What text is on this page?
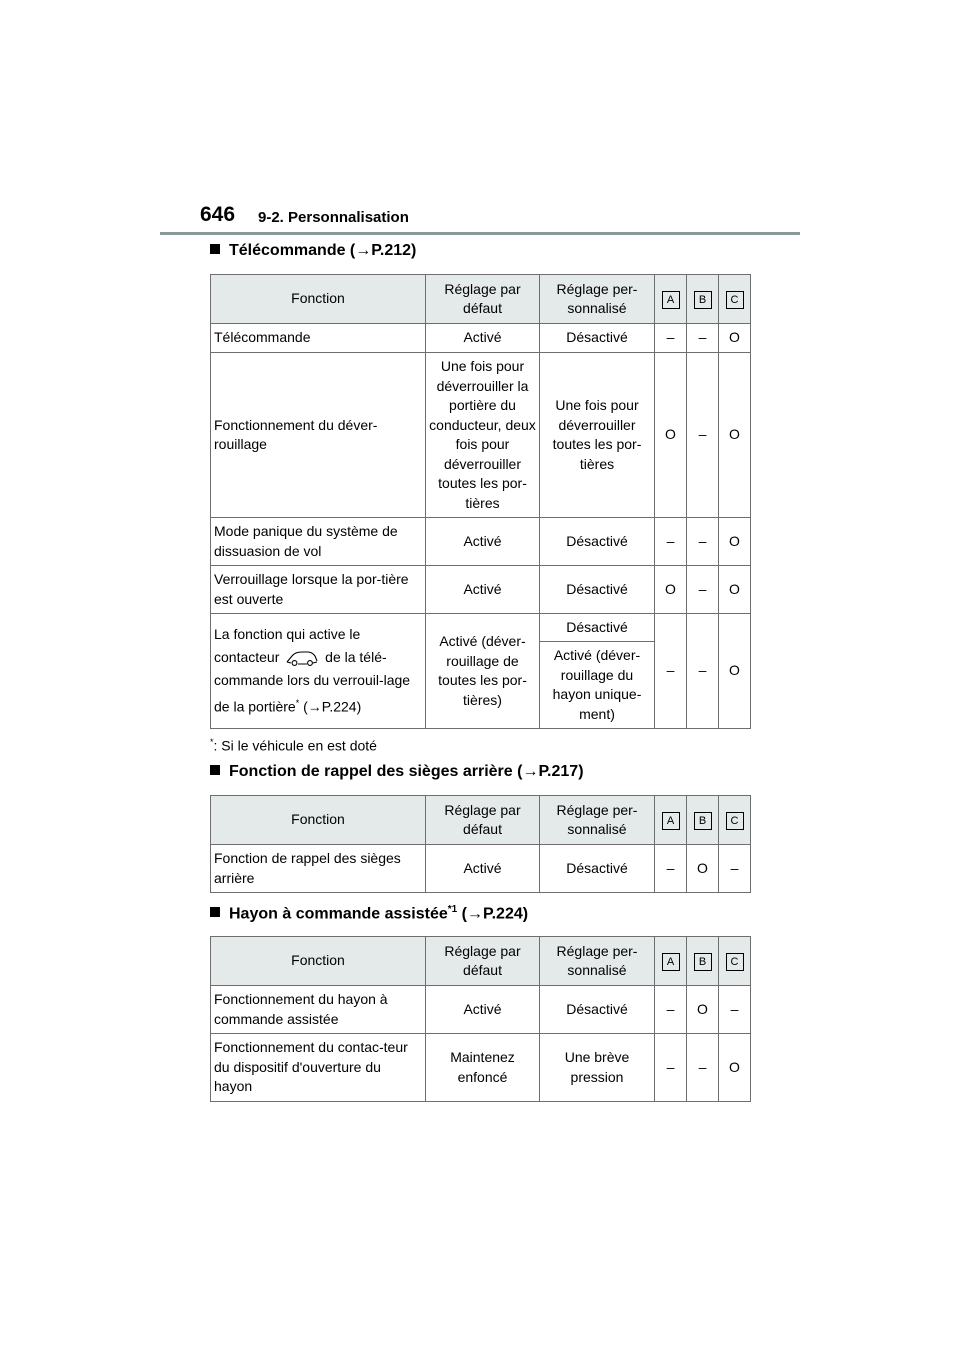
646 9-2. Personnalisation
Télécommande (→P.212)
Fonction	Réglage par défaut	Réglage per-sonnalisé	A	B	C
Télécommande	Activé	Désactivé	–	–	O
Fonctionnement du déver-rouillage	Une fois pour déverrouiller la portière du conducteur, deux fois pour déverrouiller toutes les por-tières	Une fois pour déverrouiller toutes les por-tières	O	–	O
Mode panique du système de dissuasion de vol	Activé	Désactivé	–	–	O
Verrouillage lorsque la por-tière est ouverte	Activé	Désactivé	O	–	O
La fonction qui active le contacteur de la télé-commande lors du verrouil-lage de la portière* (→P.224)	Activé (déver-rouillage de toutes les por-tières)	Désactivé	–	–	O
		Activé (déver-rouillage du hayon unique-ment)			
*: Si le véhicule en est doté
Fonction de rappel des sièges arrière (→P.217)
Fonction	Réglage par défaut	Réglage per-sonnalisé	A	B	C
Fonction de rappel des sièges arrière	Activé	Désactivé	–	O	–
Hayon à commande assistée$^{*1}$ (→P.224)
Fonction	Réglage par défaut	Réglage per-sonnalisé	A	B	C
Fonctionnement du hayon à commande assistée	Activé	Désactivé	–	O	–
Fonctionnement du contac-teur du dispositif d'ouverture du hayon	Maintenez enfoncé	Une brève pression	–	–	O
